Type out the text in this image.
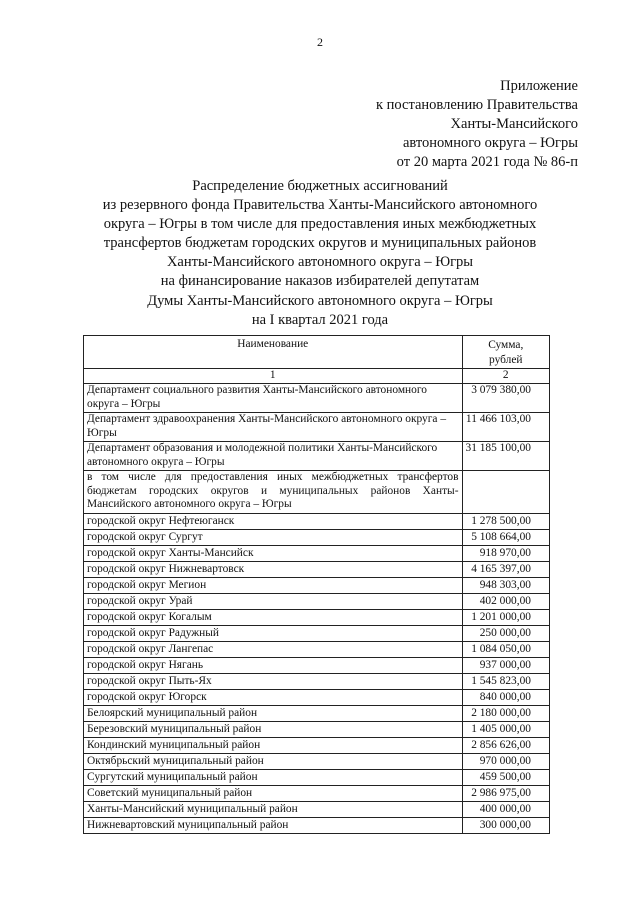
2
Приложение
к постановлению Правительства
Ханты-Мансийского
автономного округа – Югры
от 20 марта 2021 года № 86-п
Распределение бюджетных ассигнований
из резервного фонда Правительства Ханты-Мансийского автономного
округа – Югры в том числе для предоставления иных межбюджетных
трансфертов бюджетам городских округов и муниципальных районов
Ханты-Мансийского автономного округа – Югры
на финансирование наказов избирателей депутатам
Думы Ханты-Мансийского автономного округа – Югры
на I квартал 2021 года
Наименование	Сумма,
рублей

1	2
Департамент социального развития Ханты-Мансийского автономного округа – Югры	3 079 380,00
Департамент здравоохранения Ханты-Мансийского автономного округа – Югры	11 466 103,00
Департамент образования и молодежной политики Ханты-Мансийского автономного округа – Югры	31 185 100,00
в том числе для предоставления иных межбюджетных трансфертов бюджетам городских округов и муниципальных районов Ханты-Мансийского автономного округа – Югры	
городской округ Нефтеюганск	1 278 500,00
городской округ Сургут	5 108 664,00
городской округ Ханты-Мансийск	918 970,00
городской округ Нижневартовск	4 165 397,00
городской округ Мегион	948 303,00
городской округ Урай	402 000,00
городской округ Когалым	1 201 000,00
городской округ Радужный	250 000,00
городской округ Лангепас	1 084 050,00
городской округ Нягань	937 000,00
городской округ Пыть-Ях	1 545 823,00
городской округ Югорск	840 000,00
Белоярский муниципальный район	2 180 000,00
Березовский муниципальный район	1 405 000,00
Кондинский муниципальный район	2 856 626,00
Октябрьский муниципальный район	970 000,00
Сургутский муниципальный район	459 500,00
Советский муниципальный район	2 986 975,00
Ханты-Мансийский муниципальный район	400 000,00
Нижневартовский муниципальный район	300 000,00
